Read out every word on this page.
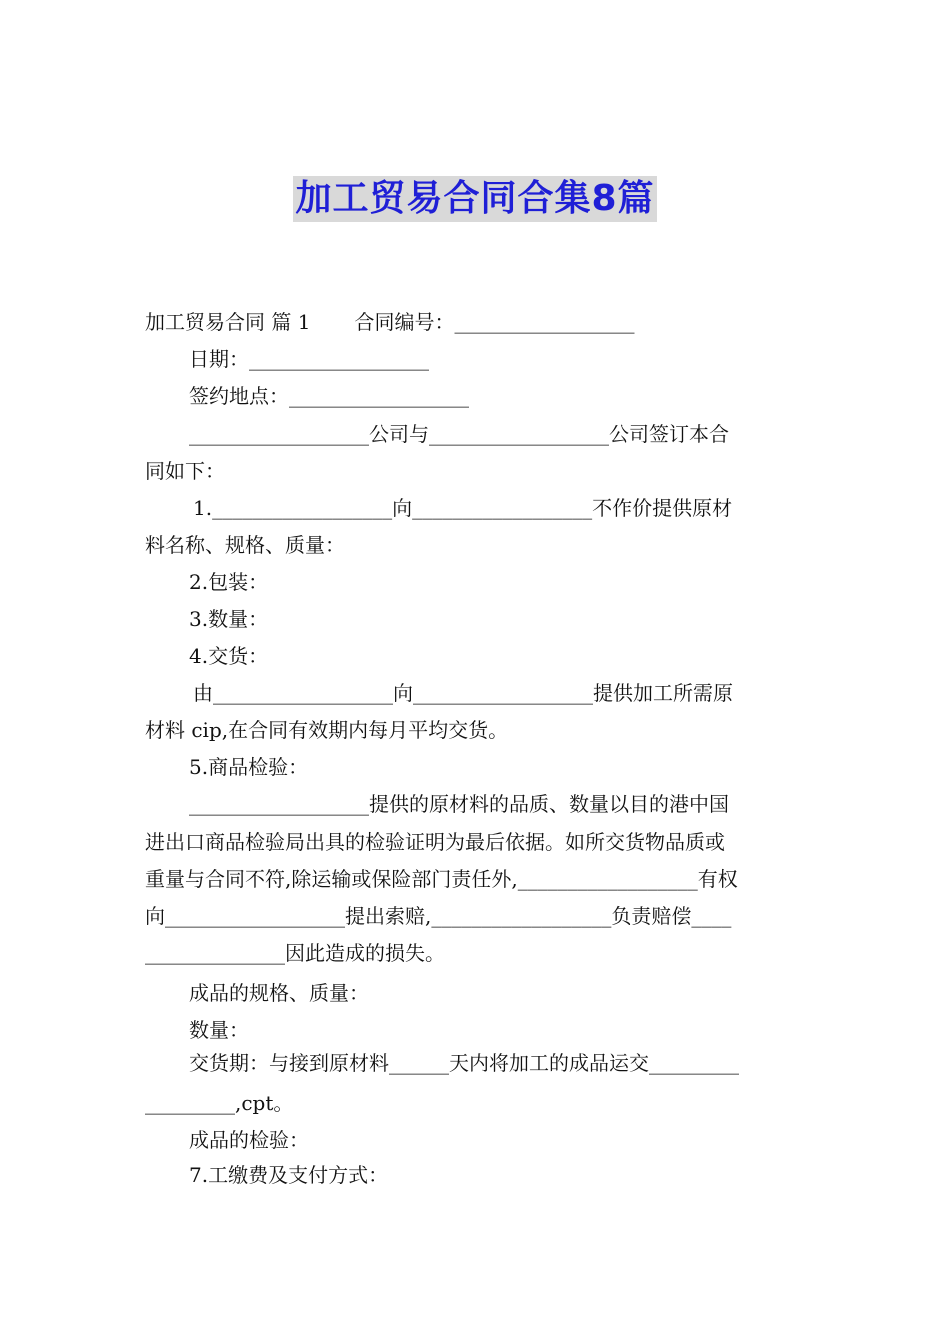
加工贸易合同合集8篇
加工贸易合同 篇 1 合同编号：__________________
日期：__________________
签约地点：__________________
__________________公司与__________________公司签订本合
同如下：
1.__________________向__________________不作价提供原材
料名称、规格、质量：
2.包装：
3.数量：
4.交货：
由__________________向__________________提供加工所需原
材料 cip,在合同有效期内每月平均交货。
5.商品检验：
__________________提供的原材料的品质、数量以目的港中国
进出口商品检验局出具的检验证明为最后依据。如所交货物品质或
重量与合同不符,除运输或保险部门责任外,__________________有权
向__________________提出索赔,__________________负责赔偿____
______________因此造成的损失。
成品的规格、质量：
数量：
交货期：与接到原材料______天内将加工的成品运交_________
_________,cpt。
成品的检验：
7.工缴费及支付方式：
